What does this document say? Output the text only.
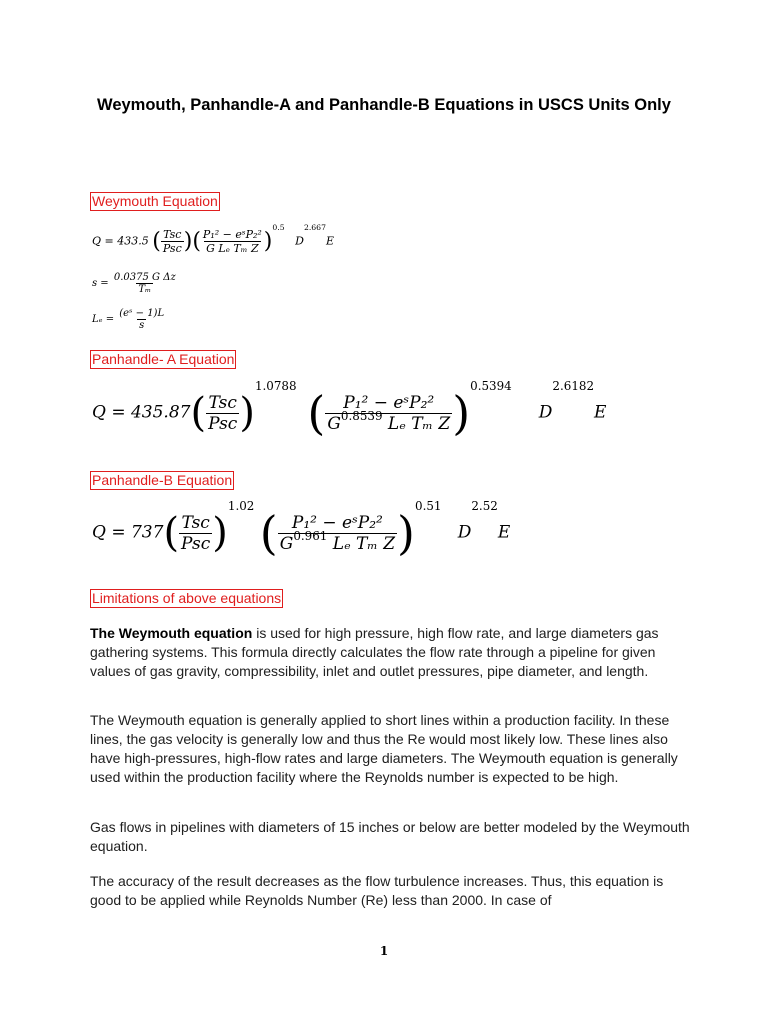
Weymouth, Panhandle-A and Panhandle-B Equations in USCS Units Only
Weymouth Equation
Q = 433.5 ( $\frac{\text{Tsc}}{\text{Psc}}$ )( $\frac{\text{P₁² − eˢP₂²}}{\text{G Lₑ Tₘ Z}} )^{0.5}$   $D^{2.667}E$
$s = \frac{\text{0.0375 G Δz}}{\text{Tₘ}}$
$L_e = \frac{\text{(eˢ − 1)L}}{s}$
Panhandle- A Equation
$Q = 435.87( \frac{\text{Tsc}}{\text{Psc}} )^{1.0788}$  ( $\frac{\text{P₁² − eˢP₂²}}{G^{0.8539} L_e T_m Z} )^{0.5394}$     $D^{2.6182}E$
Panhandle-B Equation
$Q = 737( \frac{\text{Tsc}}{\text{Psc}} )^{1.02}$ ( $\frac{\text{P₁² − eˢP₂²}}{G^{0.961} L_e T_m Z} )^{0.51}$   $D^{2.52}E$
Limitations of above equations
The Weymouth equation is used for high pressure, high flow rate, and large diameters gas gathering systems. This formula directly calculates the flow rate through a pipeline for given values of gas gravity, compressibility, inlet and outlet pressures, pipe diameter, and length.
The Weymouth equation is generally applied to short lines within a production facility. In these lines, the gas velocity is generally low and thus the Re would most likely low. These lines also have high-pressures, high-flow rates and large diameters. The Weymouth equation is generally used within the production facility where the Reynolds number is expected to be high.
Gas flows in pipelines with diameters of 15 inches or below are better modeled by the Weymouth equation.
The accuracy of the result decreases as the flow turbulence increases. Thus, this equation is good to be applied while Reynolds Number (Re) less than 2000. In case of
1
